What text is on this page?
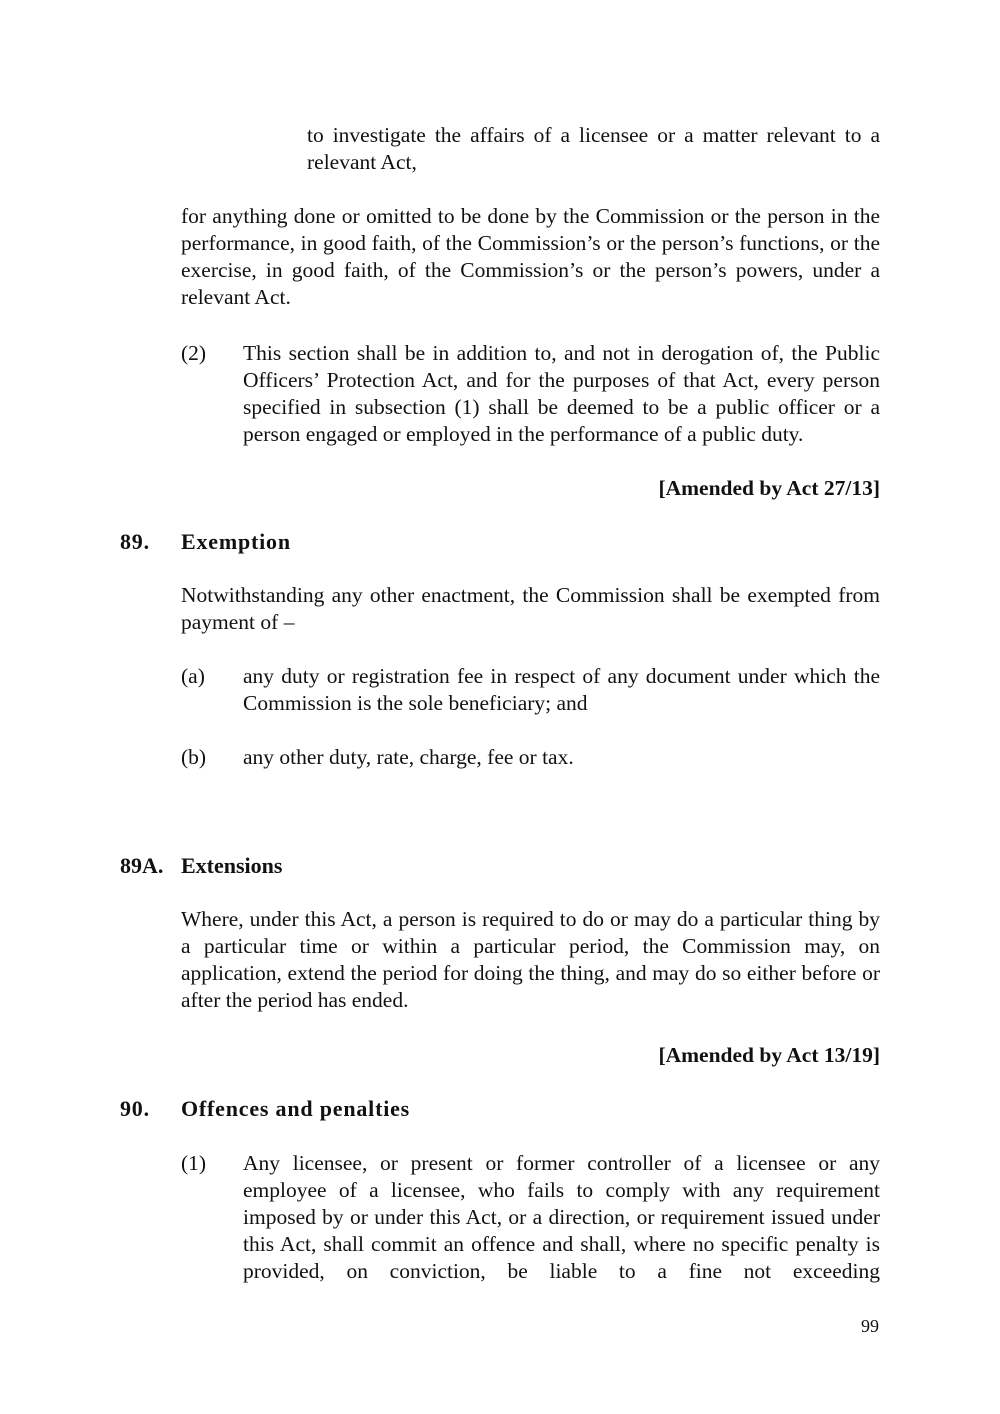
to investigate the affairs of a licensee or a matter relevant to a relevant Act,

for anything done or omitted to be done by the Commission or the person in the performance, in good faith, of the Commission’s or the person’s functions, or the exercise, in good faith, of the Commission’s or the person’s powers, under a relevant Act.

(2) This section shall be in addition to, and not in derogation of, the Public Officers’ Protection Act, and for the purposes of that Act, every person specified in subsection (1) shall be deemed to be a public officer or a person engaged or employed in the performance of a public duty.

[Amended by Act 27/13]

89. Exemption

Notwithstanding any other enactment, the Commission shall be exempted from payment of –

(a) any duty or registration fee in respect of any document under which the Commission is the sole beneficiary; and

(b) any other duty, rate, charge, fee or tax.

89A. Extensions

Where, under this Act, a person is required to do or may do a particular thing by a particular time or within a particular period, the Commission may, on application, extend the period for doing the thing, and may do so either before or after the period has ended.

[Amended by Act 13/19]

90. Offences and penalties
(1) Any licensee, or present or former controller of a licensee or any employee of a licensee, who fails to comply with any requirement imposed by or under this Act, or a direction, or requirement issued under this Act, shall commit an offence and shall, where no specific penalty is provided, on conviction, be liable to a fine not exceeding

99
